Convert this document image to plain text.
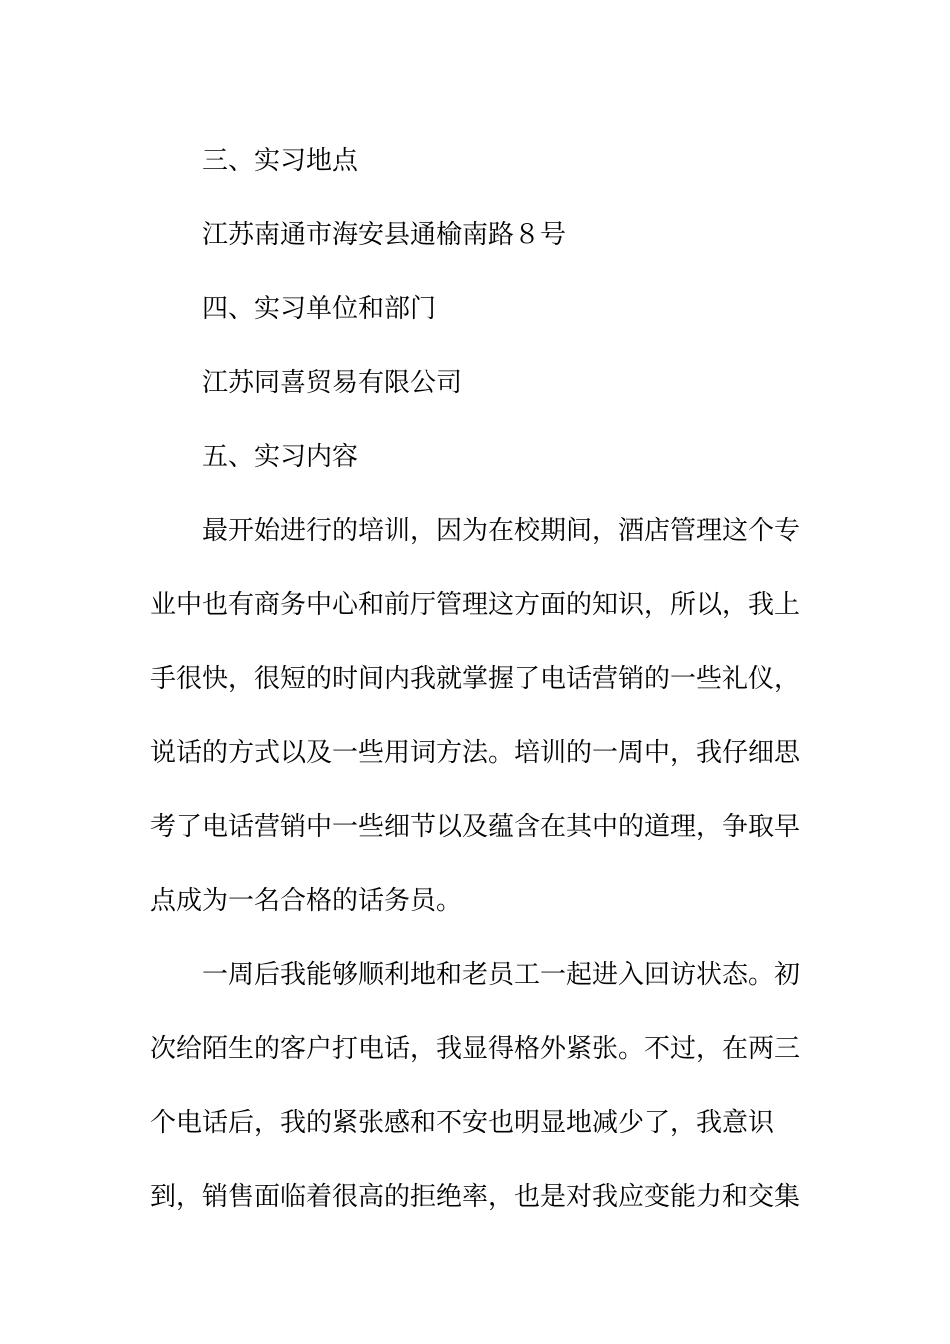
三、实习地点
江苏南通市海安县通榆南路８号
四、实习单位和部门
江苏同喜贸易有限公司
五、实习内容
最开始进行的培训，因为在校期间，酒店管理这个专
业中也有商务中心和前厅管理这方面的知识，所以，我上
手很快，很短的时间内我就掌握了电话营销的一些礼仪，
说话的方式以及一些用词方法。培训的一周中，我仔细思
考了电话营销中一些细节以及蕴含在其中的道理，争取早
点成为一名合格的话务员。
一周后我能够顺利地和老员工一起进入回访状态。初
次给陌生的客户打电话，我显得格外紧张。不过，在两三
个电话后，我的紧张感和不安也明显地减少了，我意识
到，销售面临着很高的拒绝率，也是对我应变能力和交集
